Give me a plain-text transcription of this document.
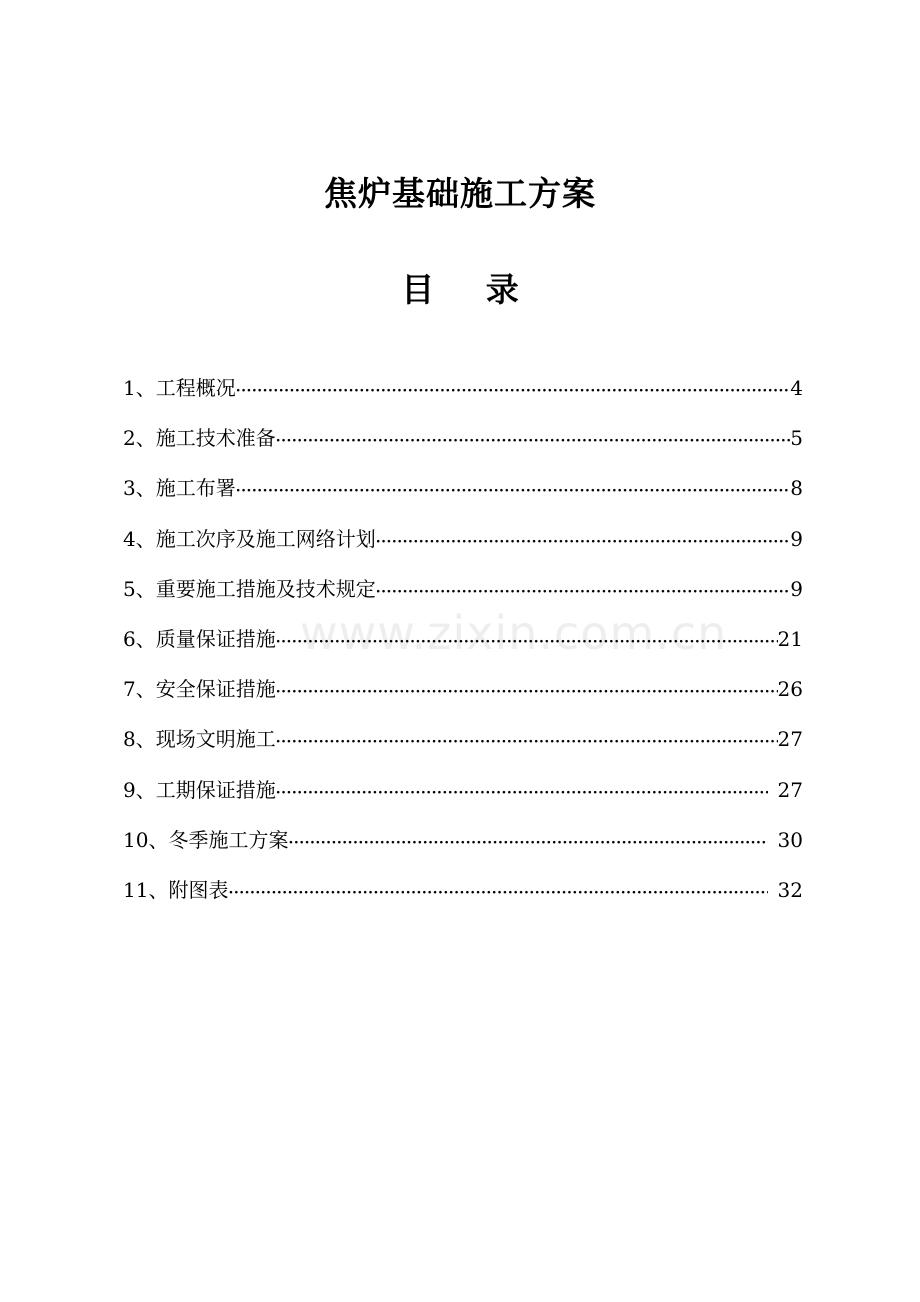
焦炉基础施工方案
目 录
www.zixin.com.cn
1、工程概况 ·····	4
2、施工技术准备 ·····	5
3、施工布署 ·····	8
4、施工次序及施工网络计划 ·····	9
5、重要施工措施及技术规定 ·····	9
6、质量保证措施 ·····	21
7、安全保证措施 ·····	26
8、现场文明施工 ·····	27
9、工期保证措施 ·····	27
10、冬季施工方案 ·····	30
11、附图表 ·····	32
